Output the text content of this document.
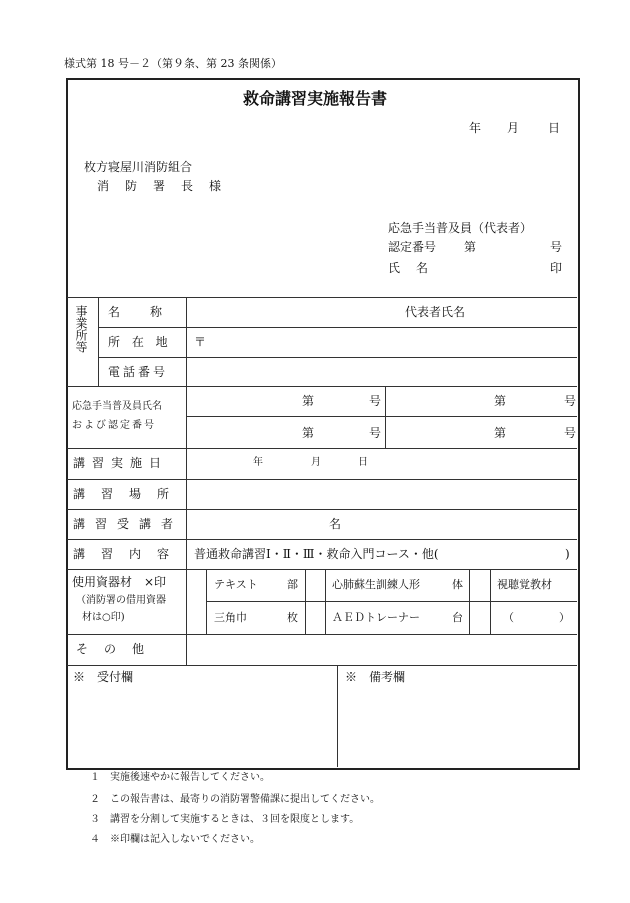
様式第 18 号－２（第９条、第 23 条関係）
救命講習実施報告書
年 月 日
枚方寝屋川消防組合
消　防　署　長　様
応急手当普及員（代表者）
認定番号 第	号
氏　名	印
事業所等 名　　称	代表者氏名
所 在 地 〒
電話番号
応急手当普及員氏名
および認定番号
第	号	第	号
第	号	第	号
講習実施日	年	月	日
講習場所
講習受講者	名
講習内容 普通救命講習Ⅰ・Ⅱ・Ⅲ・救命入門コース・他(	)
使用資器材　×印
（消防署の借用資器
材は○印)
テキスト	部	心肺蘇生訓練人形	体	視聴覚教材
三角巾	枚	ＡＥＤトレーナー	台	（	）
そ　の　他
※　受付欄	※　備考欄
１　実施後速やかに報告してください。
２　この報告書は、最寄りの消防署警備課に提出してください。
３　講習を分割して実施するときは、３回を限度とします。
４　※印欄は記入しないでください。
